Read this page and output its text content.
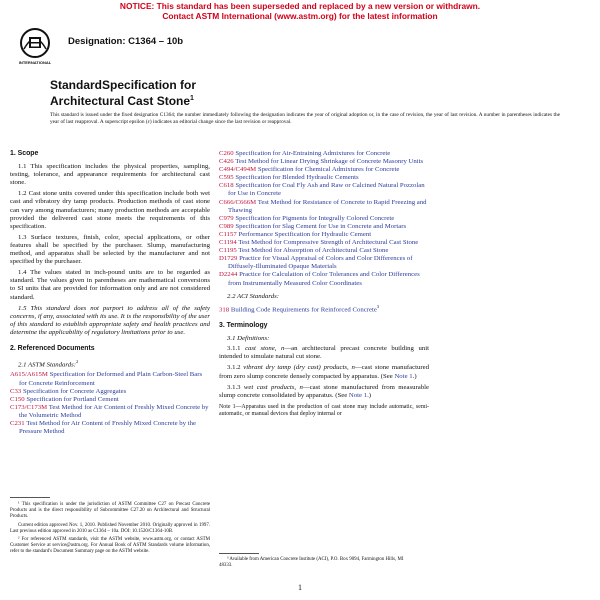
NOTICE: This standard has been superseded and replaced by a new version or withdrawn.
Contact ASTM International (www.astm.org) for the latest information
INTERNATIONAL
Designation: C1364 – 10b
StandardSpecification for
Architectural Cast Stone$^1$
This standard is issued under the fixed designation C1364; the number immediately following the designation indicates the year of original adoption or, in the case of revision, the year of last revision. A number in parentheses indicates the year of last reapproval. A superscript epsilon (ε) indicates an editorial change since the last revision or reapproval.
1. Scope

1.1 This specification includes the physical properties, sampling, testing, tolerance, and appearance requirements for architectural cast stone.

1.2 Cast stone units covered under this specification include both wet cast and vibratory dry tamp products. Production methods of cast stone can vary among manufacturers; many production methods are acceptable provided the delivered cast stone meets the requirements of this specification.

1.3 Surface textures, finish, color, special applications, or other features shall be specified by the purchaser. Slump, manufacturing method, and apparatus shall be selected by the manufacturer and not specified by the purchaser.

1.4 The values stated in inch-pound units are to be regarded as standard. The values given in parentheses are mathematical conversions to SI units that are provided for information only and are not considered standard.

1.5 This standard does not purport to address all of the safety concerns, if any, associated with its use. It is the responsibility of the user of this standard to establish appropriate safety and health practices and determine the applicability of regulatory limitations prior to use.

2. Referenced Documents
2.1 ASTM Standards:$^2$
A615/A615M Specification for Deformed and Plain Carbon-Steel Bars for Concrete Reinforcement
C33 Specification for Concrete Aggregates
C150 Specification for Portland Cement
C173/C173M Test Method for Air Content of Freshly Mixed Concrete by the Volumetric Method
C231 Test Method for Air Content of Freshly Mixed Concrete by the Pressure Method
C260 Specification for Air-Entraining Admixtures for Concrete
C426 Test Method for Linear Drying Shrinkage of Concrete Masonry Units
C494/C494M Specification for Chemical Admixtures for Concrete
C595 Specification for Blended Hydraulic Cements
C618 Specification for Coal Fly Ash and Raw or Calcined Natural Pozzolan for Use in Concrete
C666/C666M Test Method for Resistance of Concrete to Rapid Freezing and Thawing
C979 Specification for Pigments for Integrally Colored Concrete
C989 Specification for Slag Cement for Use in Concrete and Mortars
C1157 Performance Specification for Hydraulic Cement
C1194 Test Method for Compressive Strength of Architectural Cast Stone
C1195 Test Method for Absorption of Architectural Cast Stone
D1729 Practice for Visual Appraisal of Colors and Color Differences of Diffusely-Illuminated Opaque Materials
D2244 Practice for Calculation of Color Tolerances and Color Differences from Instrumentally Measured Color Coordinates
2.2 ACI Standards:
318 Building Code Requirements for Reinforced Concrete$^3$
3. Terminology
3.1 Definitions:

3.1.1 cast stone, n—an architectural precast concrete building unit intended to simulate natural cut stone.

3.1.2 vibrant dry tamp (dry cast) products, n—cast stone manufactured from zero slump concrete densely compacted by apparatus. (See Note 1.)

3.1.3 wet cast products, n—cast stone manufactured from measurable slump concrete consolidated by apparatus. (See Note 1.)

Note 1—Apparatus used in the production of cast stone may include automatic, semi-automatic, or manual devices that deploy internal or

¹ This specification is under the jurisdiction of ASTM Committee C27 on Precast Concrete Products and is the direct responsibility of Subcommittee C27.20 on Architectural and Structural Products.

Current edition approved Nov. 1, 2010. Published November 2010. Originally approved in 1997. Last previous edition approved in 2010 as C1364 – 10a. DOI: 10.1520/C1364-10B.

² For referenced ASTM standards, visit the ASTM website, www.astm.org, or contact ASTM Customer Service at service@astm.org. For Annual Book of ASTM Standards volume information, refer to the standard's Document Summary page on the ASTM website.

³ Available from American Concrete Institute (ACI), P.O. Box 9094, Farmington Hills, MI 48333.
1
